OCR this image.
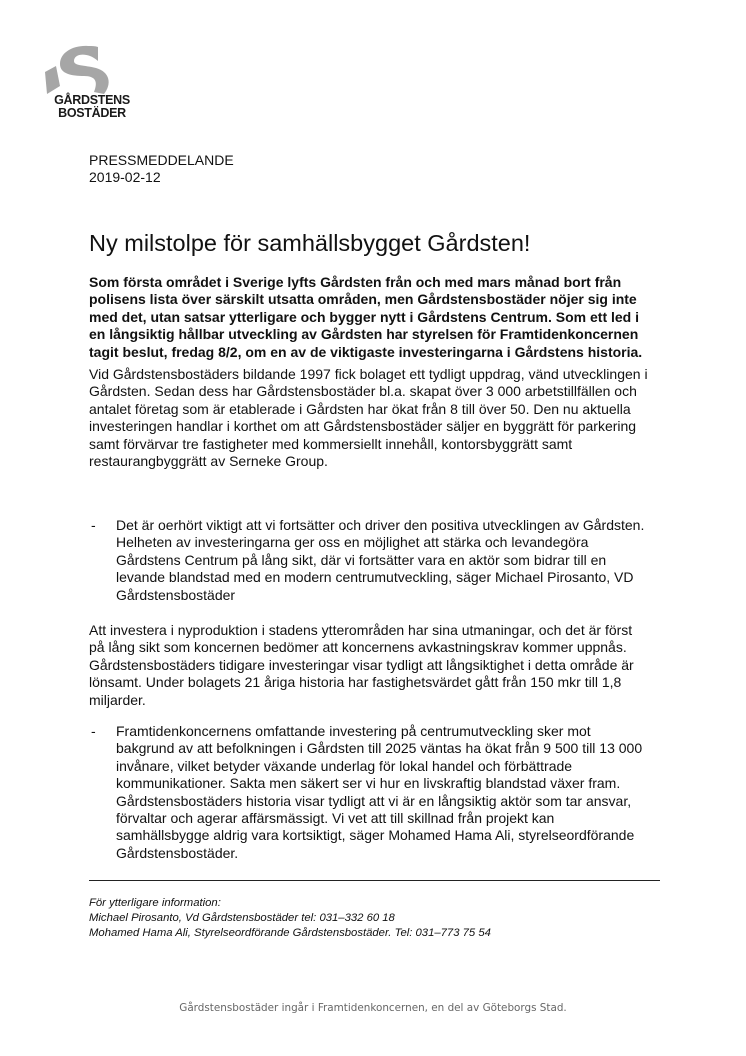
GÅRDSTENS
BOSTÄDER
PRESSMEDDELANDE
2019-02-12
Ny milstolpe för samhällsbygget Gårdsten!

Som första området i Sverige lyfts Gårdsten från och med mars månad bort från polisens lista över särskilt utsatta områden, men Gårdstensbostäder nöjer sig inte med det, utan satsar ytterligare och bygger nytt i Gårdstens Centrum. Som ett led i en långsiktig hållbar utveckling av Gårdsten har styrelsen för Framtidenkoncernen tagit beslut, fredag 8/2, om en av de viktigaste investeringarna i Gårdstens historia.

Vid Gårdstensbostäders bildande 1997 fick bolaget ett tydligt uppdrag, vänd utvecklingen i Gårdsten. Sedan dess har Gårdstensbostäder bl.a. skapat över 3 000 arbetstillfällen och antalet företag som är etablerade i Gårdsten har ökat från 8 till över 50. Den nu aktuella investeringen handlar i korthet om att Gårdstensbostäder säljer en byggrätt för parkering samt förvärvar tre fastigheter med kommersiellt innehåll, kontorsbyggrätt samt restaurangbyggrätt av Serneke Group.

- Det är oerhört viktigt att vi fortsätter och driver den positiva utvecklingen av Gårdsten. Helheten av investeringarna ger oss en möjlighet att stärka och levandegöra Gårdstens Centrum på lång sikt, där vi fortsätter vara en aktör som bidrar till en levande blandstad med en modern centrumutveckling, säger Michael Pirosanto, VD Gårdstensbostäder

Att investera i nyproduktion i stadens ytterområden har sina utmaningar, och det är först på lång sikt som koncernen bedömer att koncernens avkastningskrav kommer uppnås. Gårdstensbostäders tidigare investeringar visar tydligt att långsiktighet i detta område är lönsamt. Under bolagets 21 åriga historia har fastighetsvärdet gått från 150 mkr till 1,8 miljarder.

- Framtidenkoncernens omfattande investering på centrumutveckling sker mot bakgrund av att befolkningen i Gårdsten till 2025 väntas ha ökat från 9 500 till 13 000 invånare, vilket betyder växande underlag för lokal handel och förbättrade kommunikationer. Sakta men säkert ser vi hur en livskraftig blandstad växer fram. Gårdstensbostäders historia visar tydligt att vi är en långsiktig aktör som tar ansvar, förvaltar och agerar affärsmässigt. Vi vet att till skillnad från projekt kan samhällsbygge aldrig vara kortsiktigt, säger Mohamed Hama Ali, styrelseordförande Gårdstensbostäder.
För ytterligare information:
Michael Pirosanto, Vd Gårdstensbostäder tel: 031–332 60 18
Mohamed Hama Ali, Styrelseordförande Gårdstensbostäder. Tel: 031–773 75 54
Gårdstensbostäder ingår i Framtidenkoncernen, en del av Göteborgs Stad.
